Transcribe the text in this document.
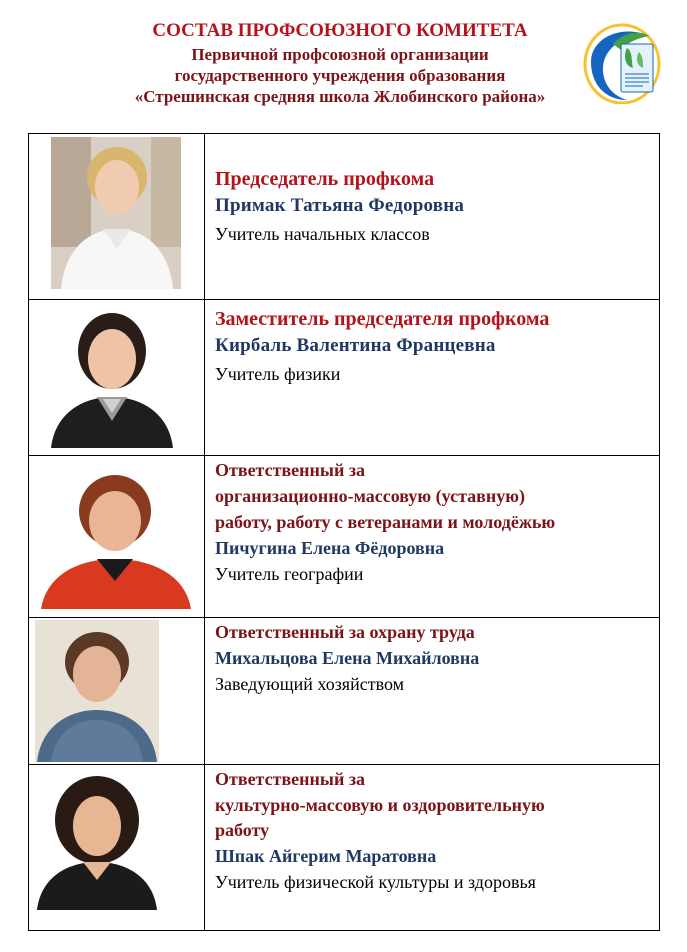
СОСТАВ ПРОФСОЮЗНОГО КОМИТЕТА
Первичной профсоюзной организации
государственного учреждения образования
«Стрешинская средняя школа Жлобинского района»
Председатель профкома
Примак Татьяна Федоровна
Учитель начальных классов
Заместитель председателя профкома
Кирбаль Валентина Францевна
Учитель физики
Ответственный за
организационно-массовую (уставную)
работу, работу с ветеранами и молодёжью
Пичугина Елена Фёдоровна
Учитель географии
Ответственный за охрану труда
Михальцова Елена Михайловна
Заведующий хозяйством
Ответственный за
культурно-массовую и оздоровительную
работу
Шпак Айгерим Маратовна
Учитель физической культуры и здоровья
